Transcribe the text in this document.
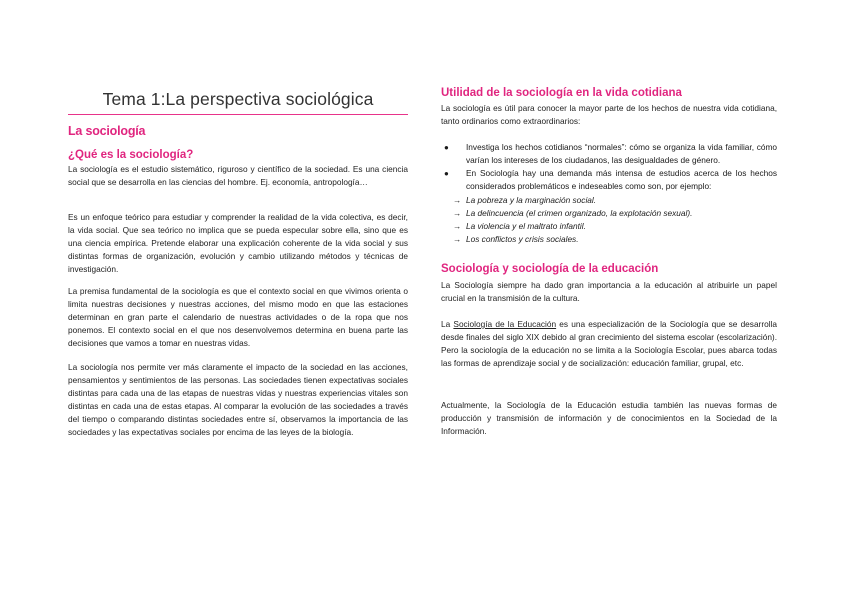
Tema 1:La perspectiva sociológica
La sociología
¿Qué es la sociología?

La sociología es el estudio sistemático, riguroso y científico de la sociedad. Es una ciencia social que se desarrolla en las ciencias del hombre. Ej. economía, antropología…

Es un enfoque teórico para estudiar y comprender la realidad de la vida colectiva, es decir, la vida social. Que sea teórico no implica que se pueda especular sobre ella, sino que es una ciencia empírica. Pretende elaborar una explicación coherente de la vida social y sus distintas formas de organización, evolución y cambio utilizando métodos y técnicas de investigación.

La premisa fundamental de la sociología es que el contexto social en que vivimos orienta o limita nuestras decisiones y nuestras acciones, del mismo modo en que las estaciones determinan en gran parte el calendario de nuestras actividades o de la ropa que nos ponemos. El contexto social en el que nos desenvolvemos determina en buena parte las decisiones que vamos a tomar en nuestras vidas.

La sociología nos permite ver más claramente el impacto de la sociedad en las acciones, pensamientos y sentimientos de las personas. Las sociedades tienen expectativas sociales distintas para cada una de las etapas de nuestras vidas y nuestras experiencias vitales son distintas en cada una de estas etapas. Al comparar la evolución de las sociedades a través del tiempo o comparando distintas sociedades entre sí, observamos la importancia de las sociedades y las expectativas sociales por encima de las leyes de la biología.

Utilidad de la sociología en la vida cotidiana

La sociología es útil para conocer la mayor parte de los hechos de nuestra vida cotidiana, tanto ordinarios como extraordinarios:

● Investiga los hechos cotidianos “normales”: cómo se organiza la vida familiar, cómo varían los intereses de los ciudadanos, las desigualdades de género.
● En Sociología hay una demanda más intensa de estudios acerca de los hechos considerados problemáticos e indeseables como son, por ejemplo:
→ La pobreza y la marginación social.
→ La delincuencia (el crimen organizado, la explotación sexual).
→ La violencia y el maltrato infantil.
→ Los conflictos y crisis sociales.
Sociología y sociología de la educación

La Sociología siempre ha dado gran importancia a la educación al atribuirle un papel crucial en la transmisión de la cultura.

La Sociología de la Educación es una especialización de la Sociología que se desarrolla desde finales del siglo XIX debido al gran crecimiento del sistema escolar (escolarización). Pero la sociología de la educación no se limita a la Sociología Escolar, pues abarca todas las formas de aprendizaje social y de socialización: educación familiar, grupal, etc.

Actualmente, la Sociología de la Educación estudia también las nuevas formas de producción y transmisión de información y de conocimientos en la Sociedad de la Información.
